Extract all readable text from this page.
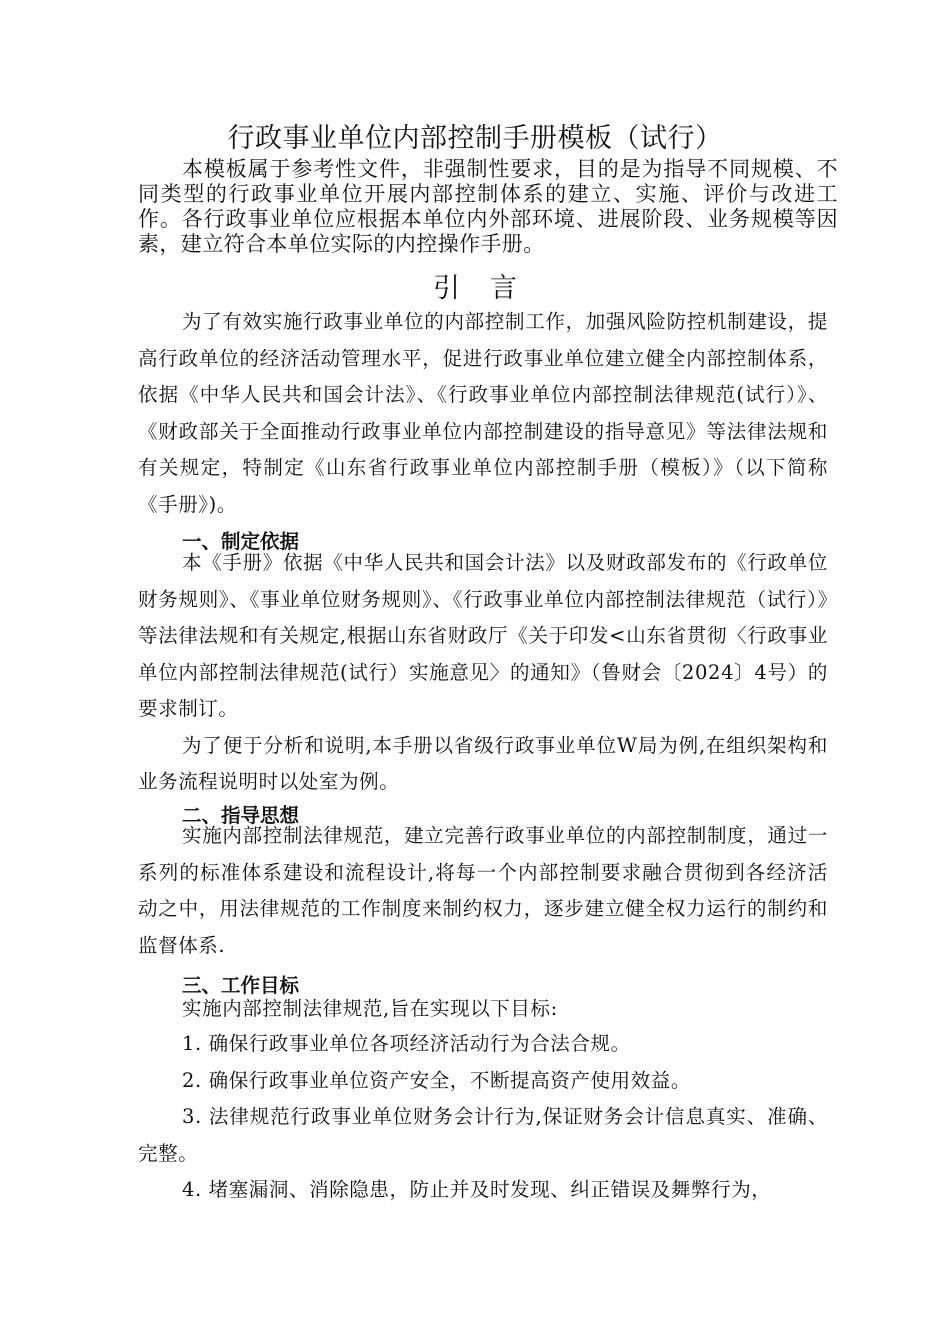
行政事业单位内部控制手册模板（试行）

本模板属于参考性文件，非强制性要求，目的是为指导不同规模、不同类型的行政事业单位开展内部控制体系的建立、实施、评价与改进工作。各行政事业单位应根据本单位内外部环境、进展阶段、业务规模等因素，建立符合本单位实际的内控操作手册。

引言

为了有效实施行政事业单位的内部控制工作，加强风险防控机制建设，提高行政单位的经济活动管理水平，促进行政事业单位建立健全内部控制体系，依据《中华人民共和国会计法》、《行政事业单位内部控制法律规范(试行）》、《财政部关于全面推动行政事业单位内部控制建设的指导意见》等法律法规和有关规定，特制定《山东省行政事业单位内部控制手册（模板）》（以下简称《手册》)。

一、制定依据

本《手册》依据《中华人民共和国会计法》以及财政部发布的《行政单位财务规则》、《事业单位财务规则》、《行政事业单位内部控制法律规范（试行）》等法律法规和有关规定,根据山东省财政厅《关于印发<山东省贯彻〈行政事业单位内部控制法律规范(试行）实施意见〉的通知》（鲁财会〔2024〕4号）的要求制订。

为了便于分析和说明,本手册以省级行政事业单位W局为例,在组织架构和业务流程说明时以处室为例。

二、指导思想

实施内部控制法律规范，建立完善行政事业单位的内部控制制度，通过一系列的标准体系建设和流程设计,将每一个内部控制要求融合贯彻到各经济活动之中，用法律规范的工作制度来制约权力，逐步建立健全权力运行的制约和监督体系.

三、工作目标

实施内部控制法律规范,旨在实现以下目标:

1. 确保行政事业单位各项经济活动行为合法合规。

2. 确保行政事业单位资产安全，不断提高资产使用效益。

3. 法律规范行政事业单位财务会计行为,保证财务会计信息真实、准确、完整。

4. 堵塞漏洞、消除隐患，防止并及时发现、纠正错误及舞弊行为，
